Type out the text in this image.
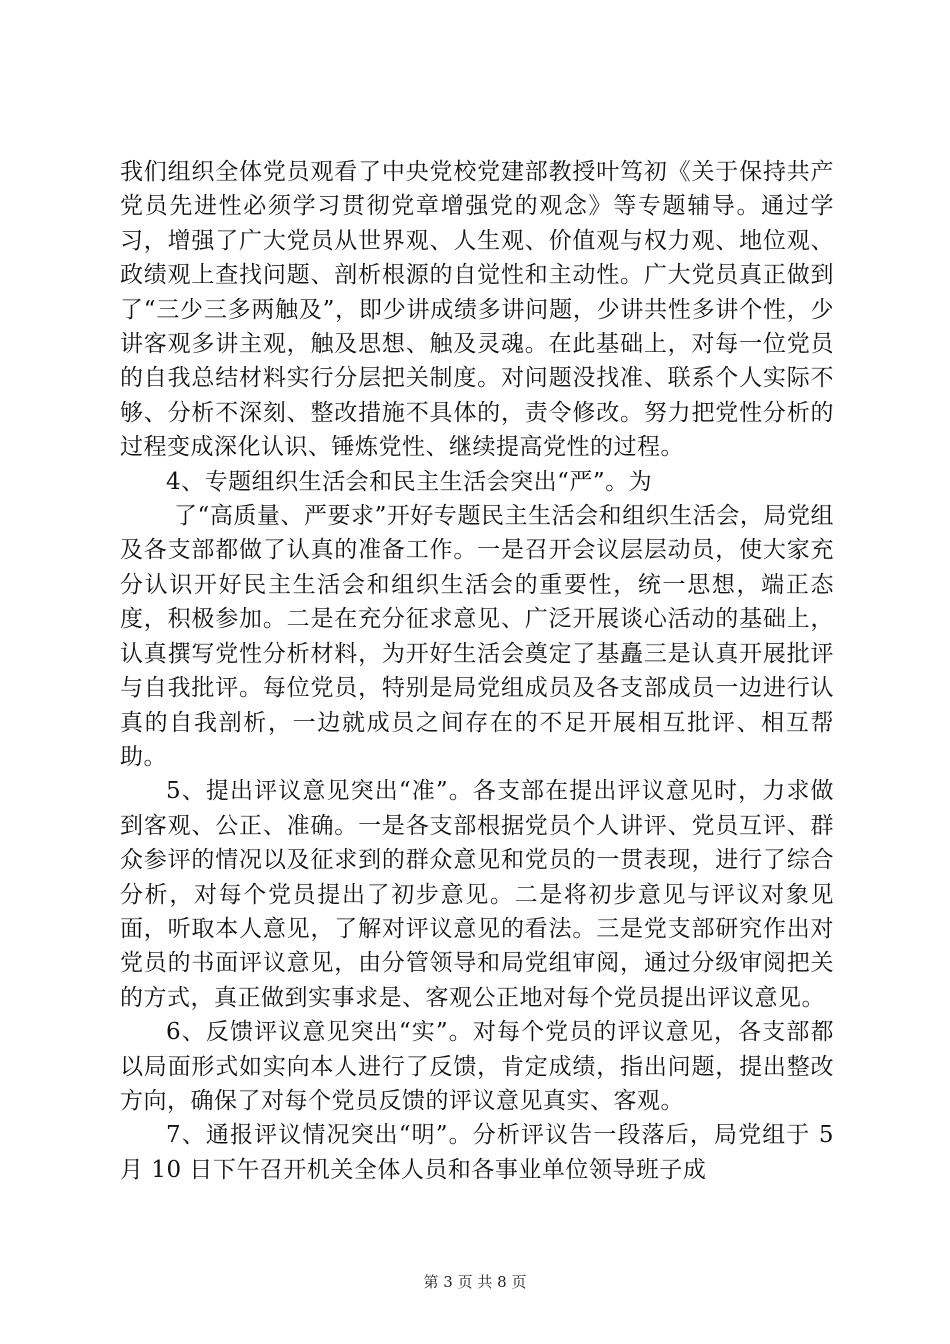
我们组织全体党员观看了中央党校党建部教授叶笃初《关于保持共产党员先进性必须学习贯彻党章增强党的观念》等专题辅导。通过学习，增强了广大党员从世界观、人生观、价值观与权力观、地位观、政绩观上查找问题、剖析根源的自觉性和主动性。广大党员真正做到了“三少三多两触及”，即少讲成绩多讲问题，少讲共性多讲个性，少讲客观多讲主观，触及思想、触及灵魂。在此基础上，对每一位党员的自我总结材料实行分层把关制度。对问题没找准、联系个人实际不够、分析不深刻、整改措施不具体的，责令修改。努力把党性分析的过程变成深化认识、锤炼党性、继续提高党性的过程。

4、专题组织生活会和民主生活会突出“严”。为

了“高质量、严要求”开好专题民主生活会和组织生活会，局党组及各支部都做了认真的准备工作。一是召开会议层层动员，使大家充分认识开好民主生活会和组织生活会的重要性，统一思想，端正态度，积极参加。二是在充分征求意见、广泛开展谈心活动的基础上，认真撰写党性分析材料，为开好生活会奠定了基矗三是认真开展批评与自我批评。每位党员，特别是局党组成员及各支部成员一边进行认真的自我剖析，一边就成员之间存在的不足开展相互批评、相互帮助。

5、提出评议意见突出“准”。各支部在提出评议意见时，力求做到客观、公正、准确。一是各支部根据党员个人讲评、党员互评、群众参评的情况以及征求到的群众意见和党员的一贯表现，进行了综合分析，对每个党员提出了初步意见。二是将初步意见与评议对象见面，听取本人意见，了解对评议意见的看法。三是党支部研究作出对党员的书面评议意见，由分管领导和局党组审阅，通过分级审阅把关的方式，真正做到实事求是、客观公正地对每个党员提出评议意见。

6、反馈评议意见突出“实”。对每个党员的评议意见，各支部都以局面形式如实向本人进行了反馈，肯定成绩，指出问题，提出整改方向，确保了对每个党员反馈的评议意见真实、客观。

7、通报评议情况突出“明”。分析评议告一段落后，局党组于 5 月 10 日下午召开机关全体人员和各事业单位领导班子成

第 3 页 共 8 页
